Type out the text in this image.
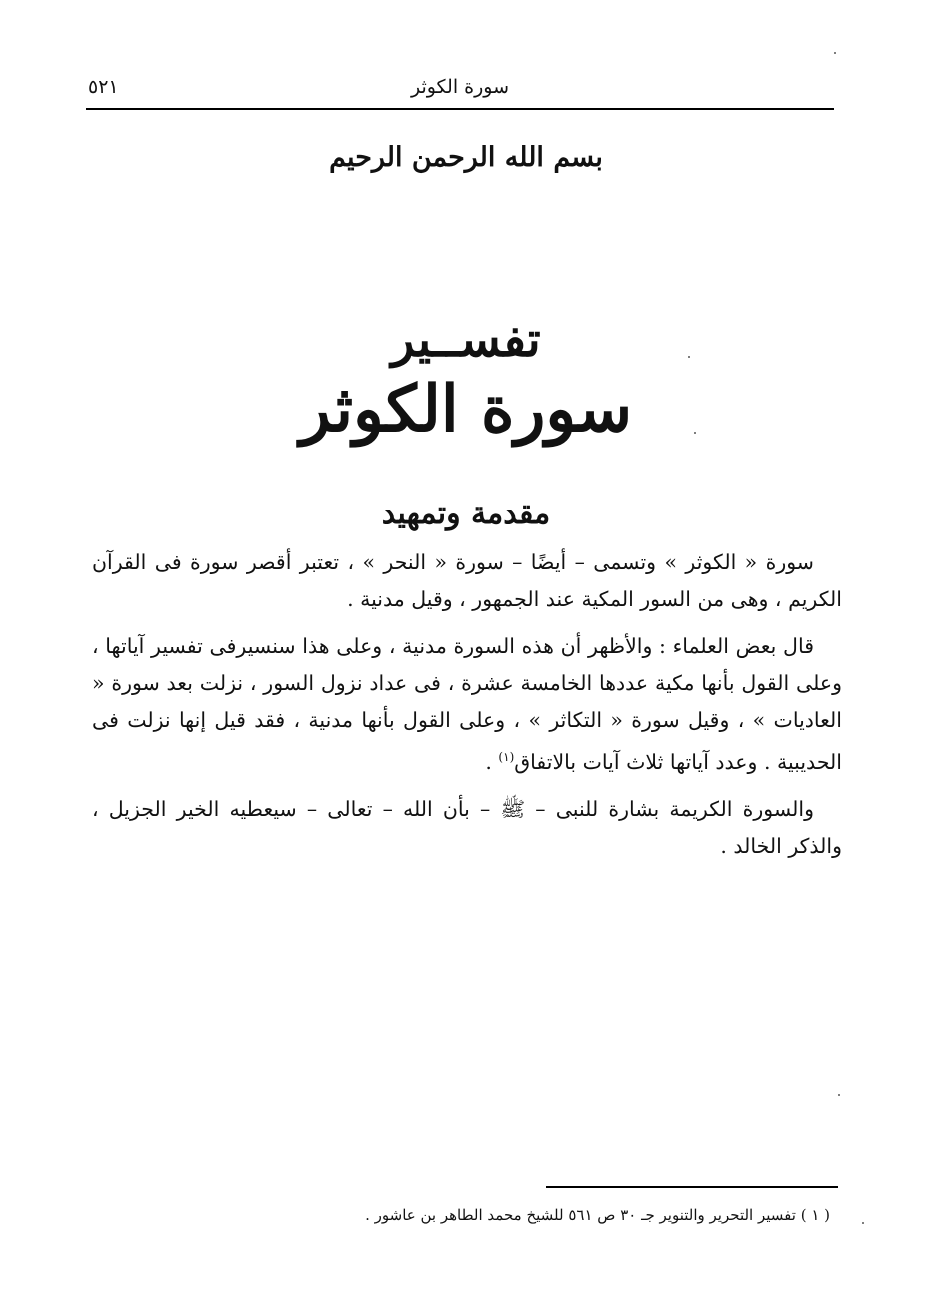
٥٢١	سورة الكوثر
بسم الله الرحمن الرحيم
تفســير
سورة الكوثر
مقدمة وتمهيد

سورة « الكوثر » وتسمى – أيضًا – سورة « النحر » ، تعتبر أقصر سورة فى القرآن الكريم ، وهى من السور المكية عند الجمهور ، وقيل مدنية .

قال بعض العلماء : والأظهر أن هذه السورة مدنية ، وعلى هذا سنسيرفى تفسير آياتها ، وعلى القول بأنها مكية عددها الخامسة عشرة ، فى عداد نزول السور ، نزلت بعد سورة « العاديات » ، وقيل سورة « التكاثر » ، وعلى القول بأنها مدنية ، فقد قيل إنها نزلت فى الحديبية . وعدد آياتها ثلاث آيات بالاتفاق$^{(١)}$ .

والسورة الكريمة بشارة للنبى – ﷺ – بأن الله – تعالى – سيعطيه الخير الجزيل ، والذكر الخالد .

( ١ ) تفسير التحرير والتنوير جـ ٣٠ ص ٥٦١ للشيخ محمد الطاهر بن عاشور .
